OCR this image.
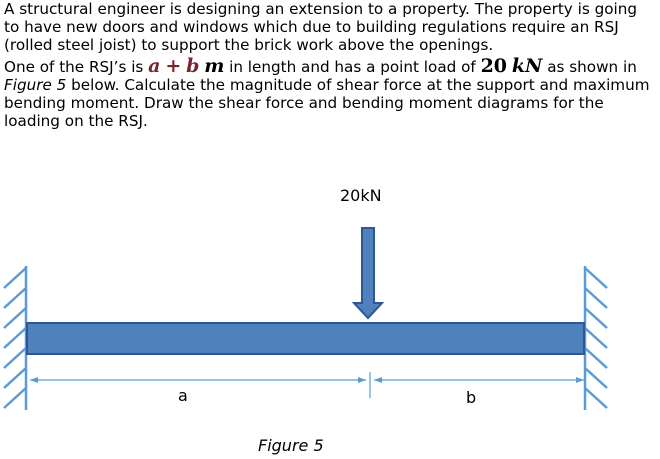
A structural engineer is designing an extension to a property. The property is going to have new doors and windows which due to building regulations require an RSJ (rolled steel joist) to support the brick work above the openings.

One of the RSJ’s is a + b m in length and has a point load of 20 kN as shown in Figure 5 below. Calculate the magnitude of shear force at the support and maximum bending moment. Draw the shear force and bending moment diagrams for the loading on the RSJ.

20kN
a	b
Figure 5
